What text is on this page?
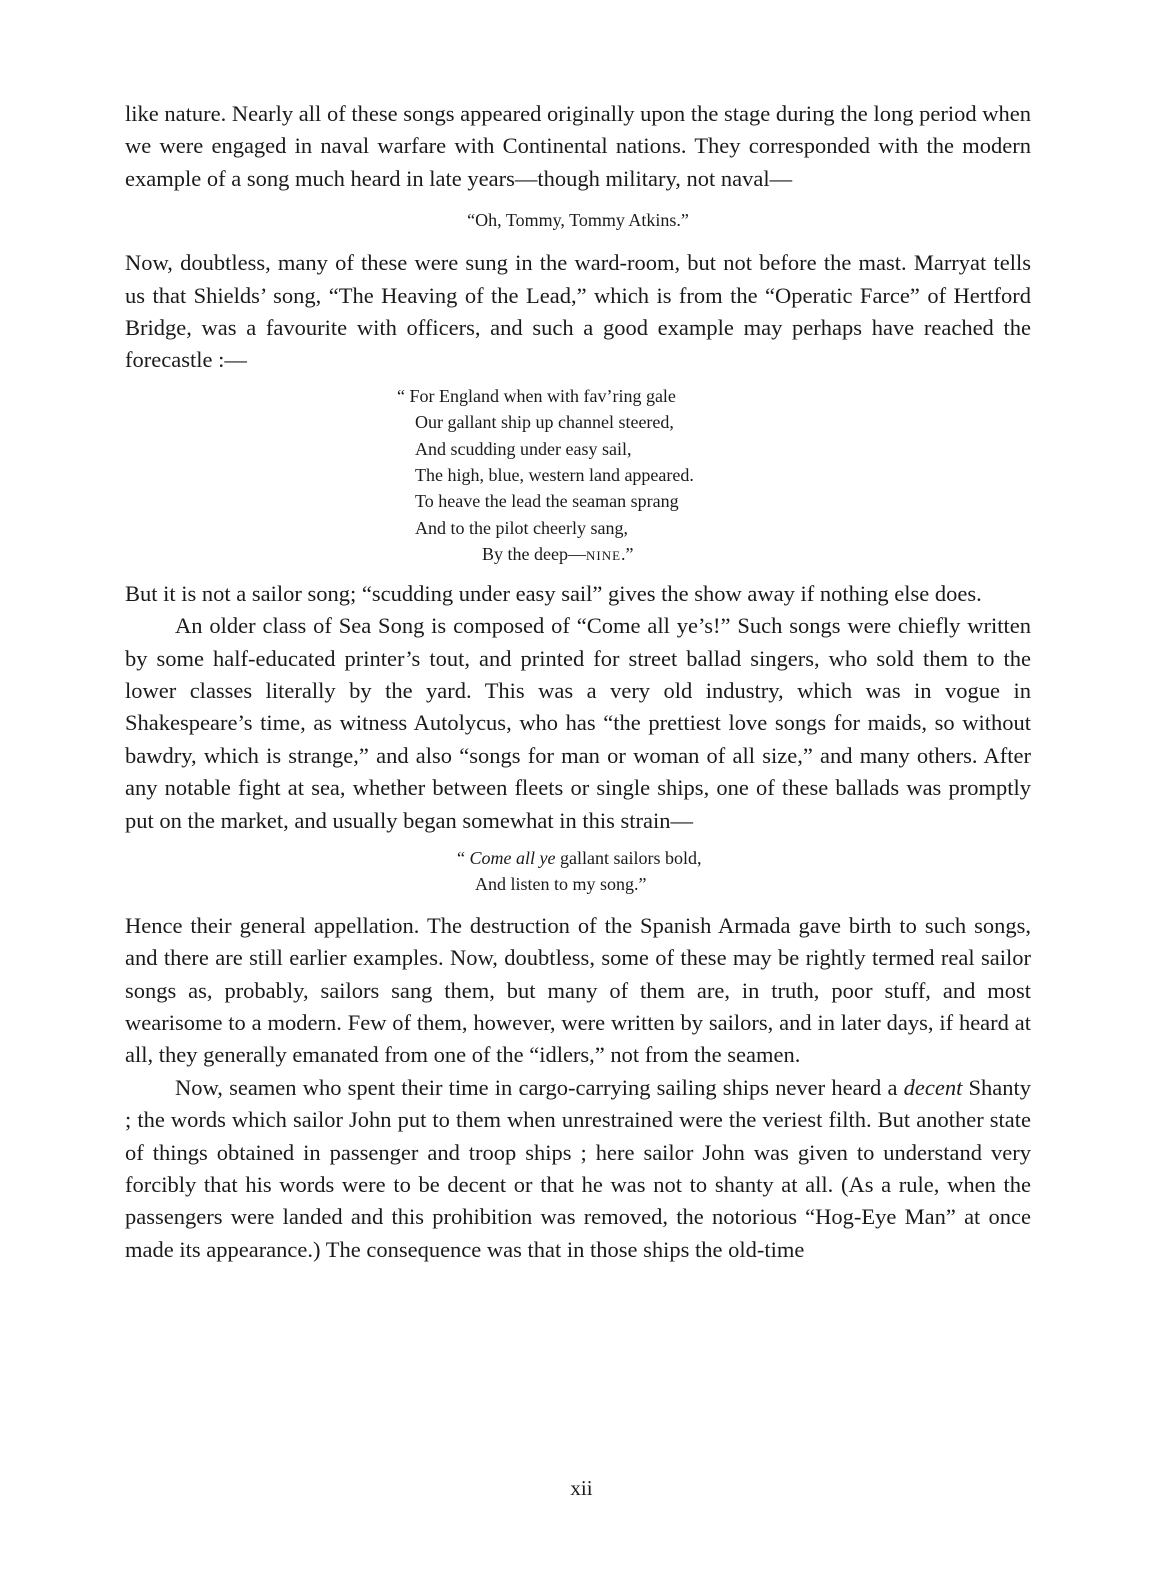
like nature. Nearly all of these songs appeared originally upon the stage during the long period when we were engaged in naval warfare with Continental nations. They corresponded with the modern example of a song much heard in late years—though military, not naval—

“Oh, Tommy, Tommy Atkins.”

Now, doubtless, many of these were sung in the ward-room, but not before the mast. Marryat tells us that Shields’ song, “The Heaving of the Lead,” which is from the “Operatic Farce” of Hertford Bridge, was a favourite with officers, and such a good example may perhaps have reached the forecastle :—

“ For England when with fav’ring gale
Our gallant ship up channel steered,
And scudding under easy sail,
The high, blue, western land appeared.
To heave the lead the seaman sprang
And to the pilot cheerly sang,
By the deep—nine.”

But it is not a sailor song; “scudding under easy sail” gives the show away if nothing else does.

An older class of Sea Song is composed of “Come all ye’s!” Such songs were chiefly written by some half-educated printer’s tout, and printed for street ballad singers, who sold them to the lower classes literally by the yard. This was a very old industry, which was in vogue in Shakespeare’s time, as witness Autolycus, who has “the prettiest love songs for maids, so without bawdry, which is strange,” and also “songs for man or woman of all size,” and many others. After any notable fight at sea, whether between fleets or single ships, one of these ballads was promptly put on the market, and usually began somewhat in this strain—

“ Come all ye gallant sailors bold,
And listen to my song.”

Hence their general appellation. The destruction of the Spanish Armada gave birth to such songs, and there are still earlier examples. Now, doubtless, some of these may be rightly termed real sailor songs as, probably, sailors sang them, but many of them are, in truth, poor stuff, and most wearisome to a modern. Few of them, however, were written by sailors, and in later days, if heard at all, they generally emanated from one of the “idlers,” not from the seamen.

Now, seamen who spent their time in cargo-carrying sailing ships never heard a decent Shanty ; the words which sailor John put to them when unrestrained were the veriest filth. But another state of things obtained in passenger and troop ships ; here sailor John was given to understand very forcibly that his words were to be decent or that he was not to shanty at all. (As a rule, when the passengers were landed and this prohibition was removed, the notorious “Hog-Eye Man” at once made its appearance.) The consequence was that in those ships the old-time

xii
